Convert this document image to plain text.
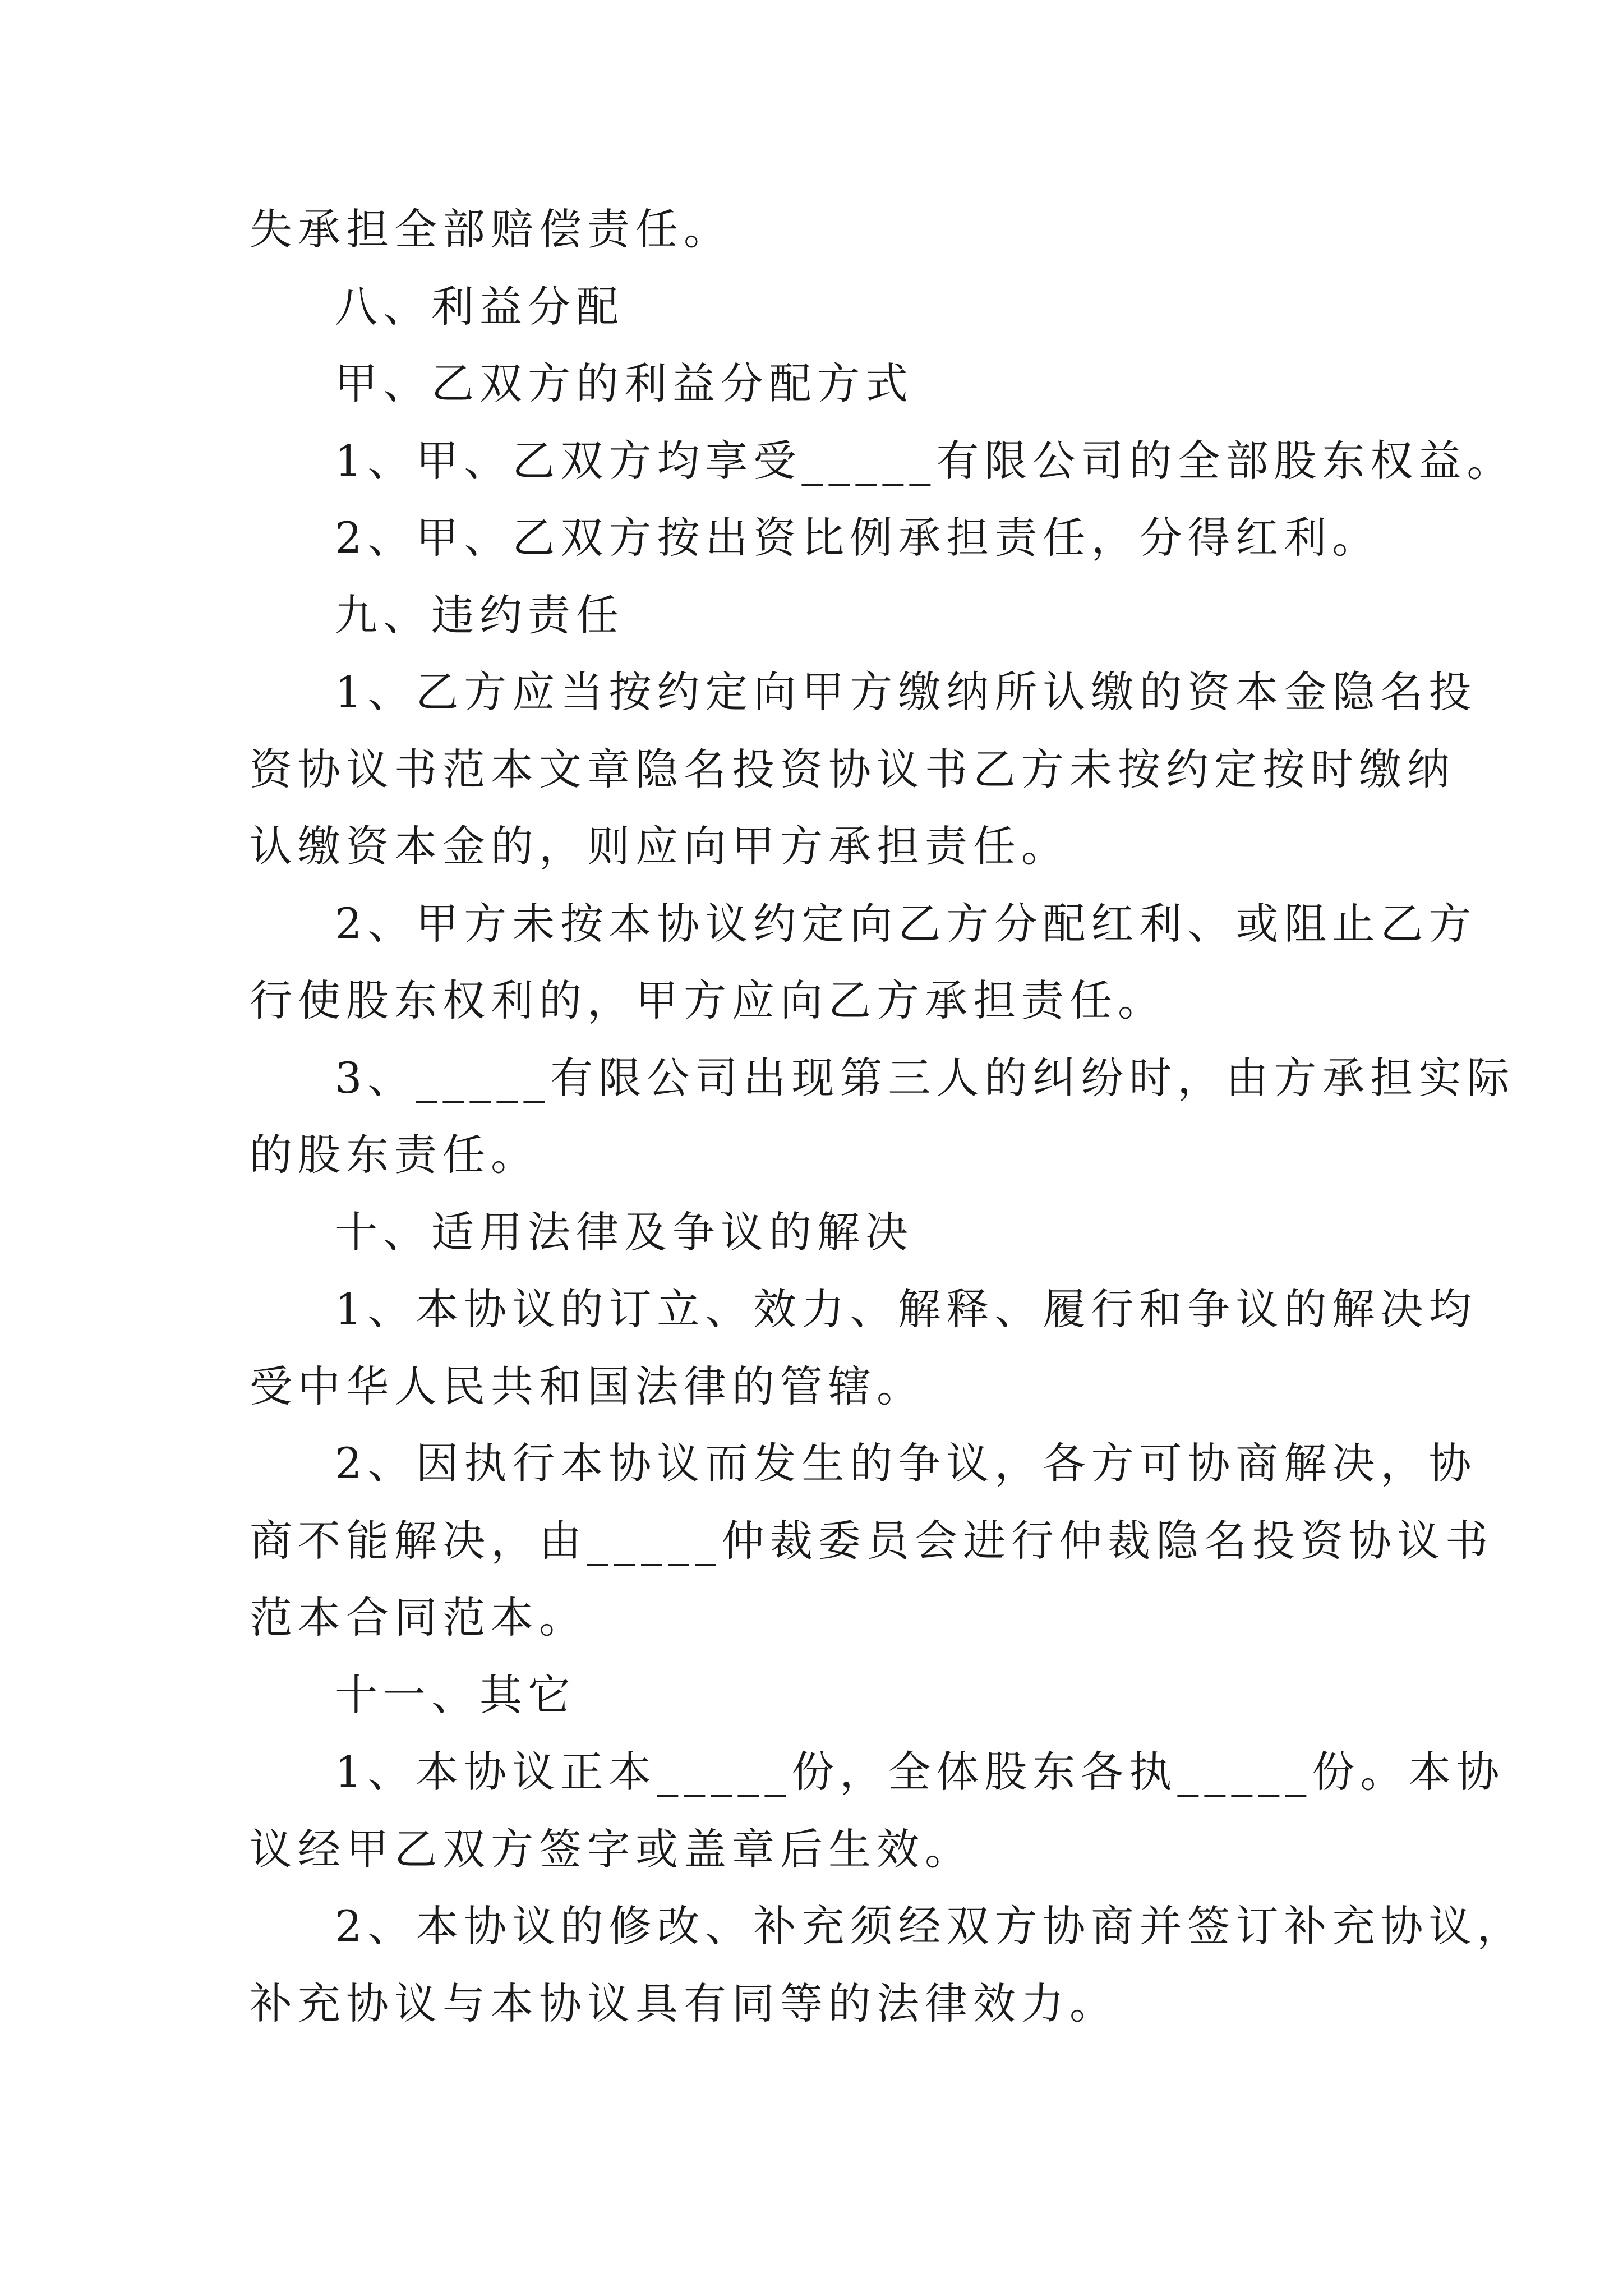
失承担全部赔偿责任。
八、利益分配
甲、乙双方的利益分配方式
1、甲、乙双方均享受_____有限公司的全部股东权益。
2、甲、乙双方按出资比例承担责任，分得红利。
九、违约责任
1、乙方应当按约定向甲方缴纳所认缴的资本金隐名投
资协议书范本文章隐名投资协议书乙方未按约定按时缴纳
认缴资本金的，则应向甲方承担责任。
2、甲方未按本协议约定向乙方分配红利、或阻止乙方
行使股东权利的，甲方应向乙方承担责任。
3、_____有限公司出现第三人的纠纷时，由方承担实际
的股东责任。
十、适用法律及争议的解决
1、本协议的订立、效力、解释、履行和争议的解决均
受中华人民共和国法律的管辖。
2、因执行本协议而发生的争议，各方可协商解决，协
商不能解决，由_____仲裁委员会进行仲裁隐名投资协议书
范本合同范本。
十一、其它
1、本协议正本_____份，全体股东各执_____份。本协
议经甲乙双方签字或盖章后生效。
2、本协议的修改、补充须经双方协商并签订补充协议，
补充协议与本协议具有同等的法律效力。
